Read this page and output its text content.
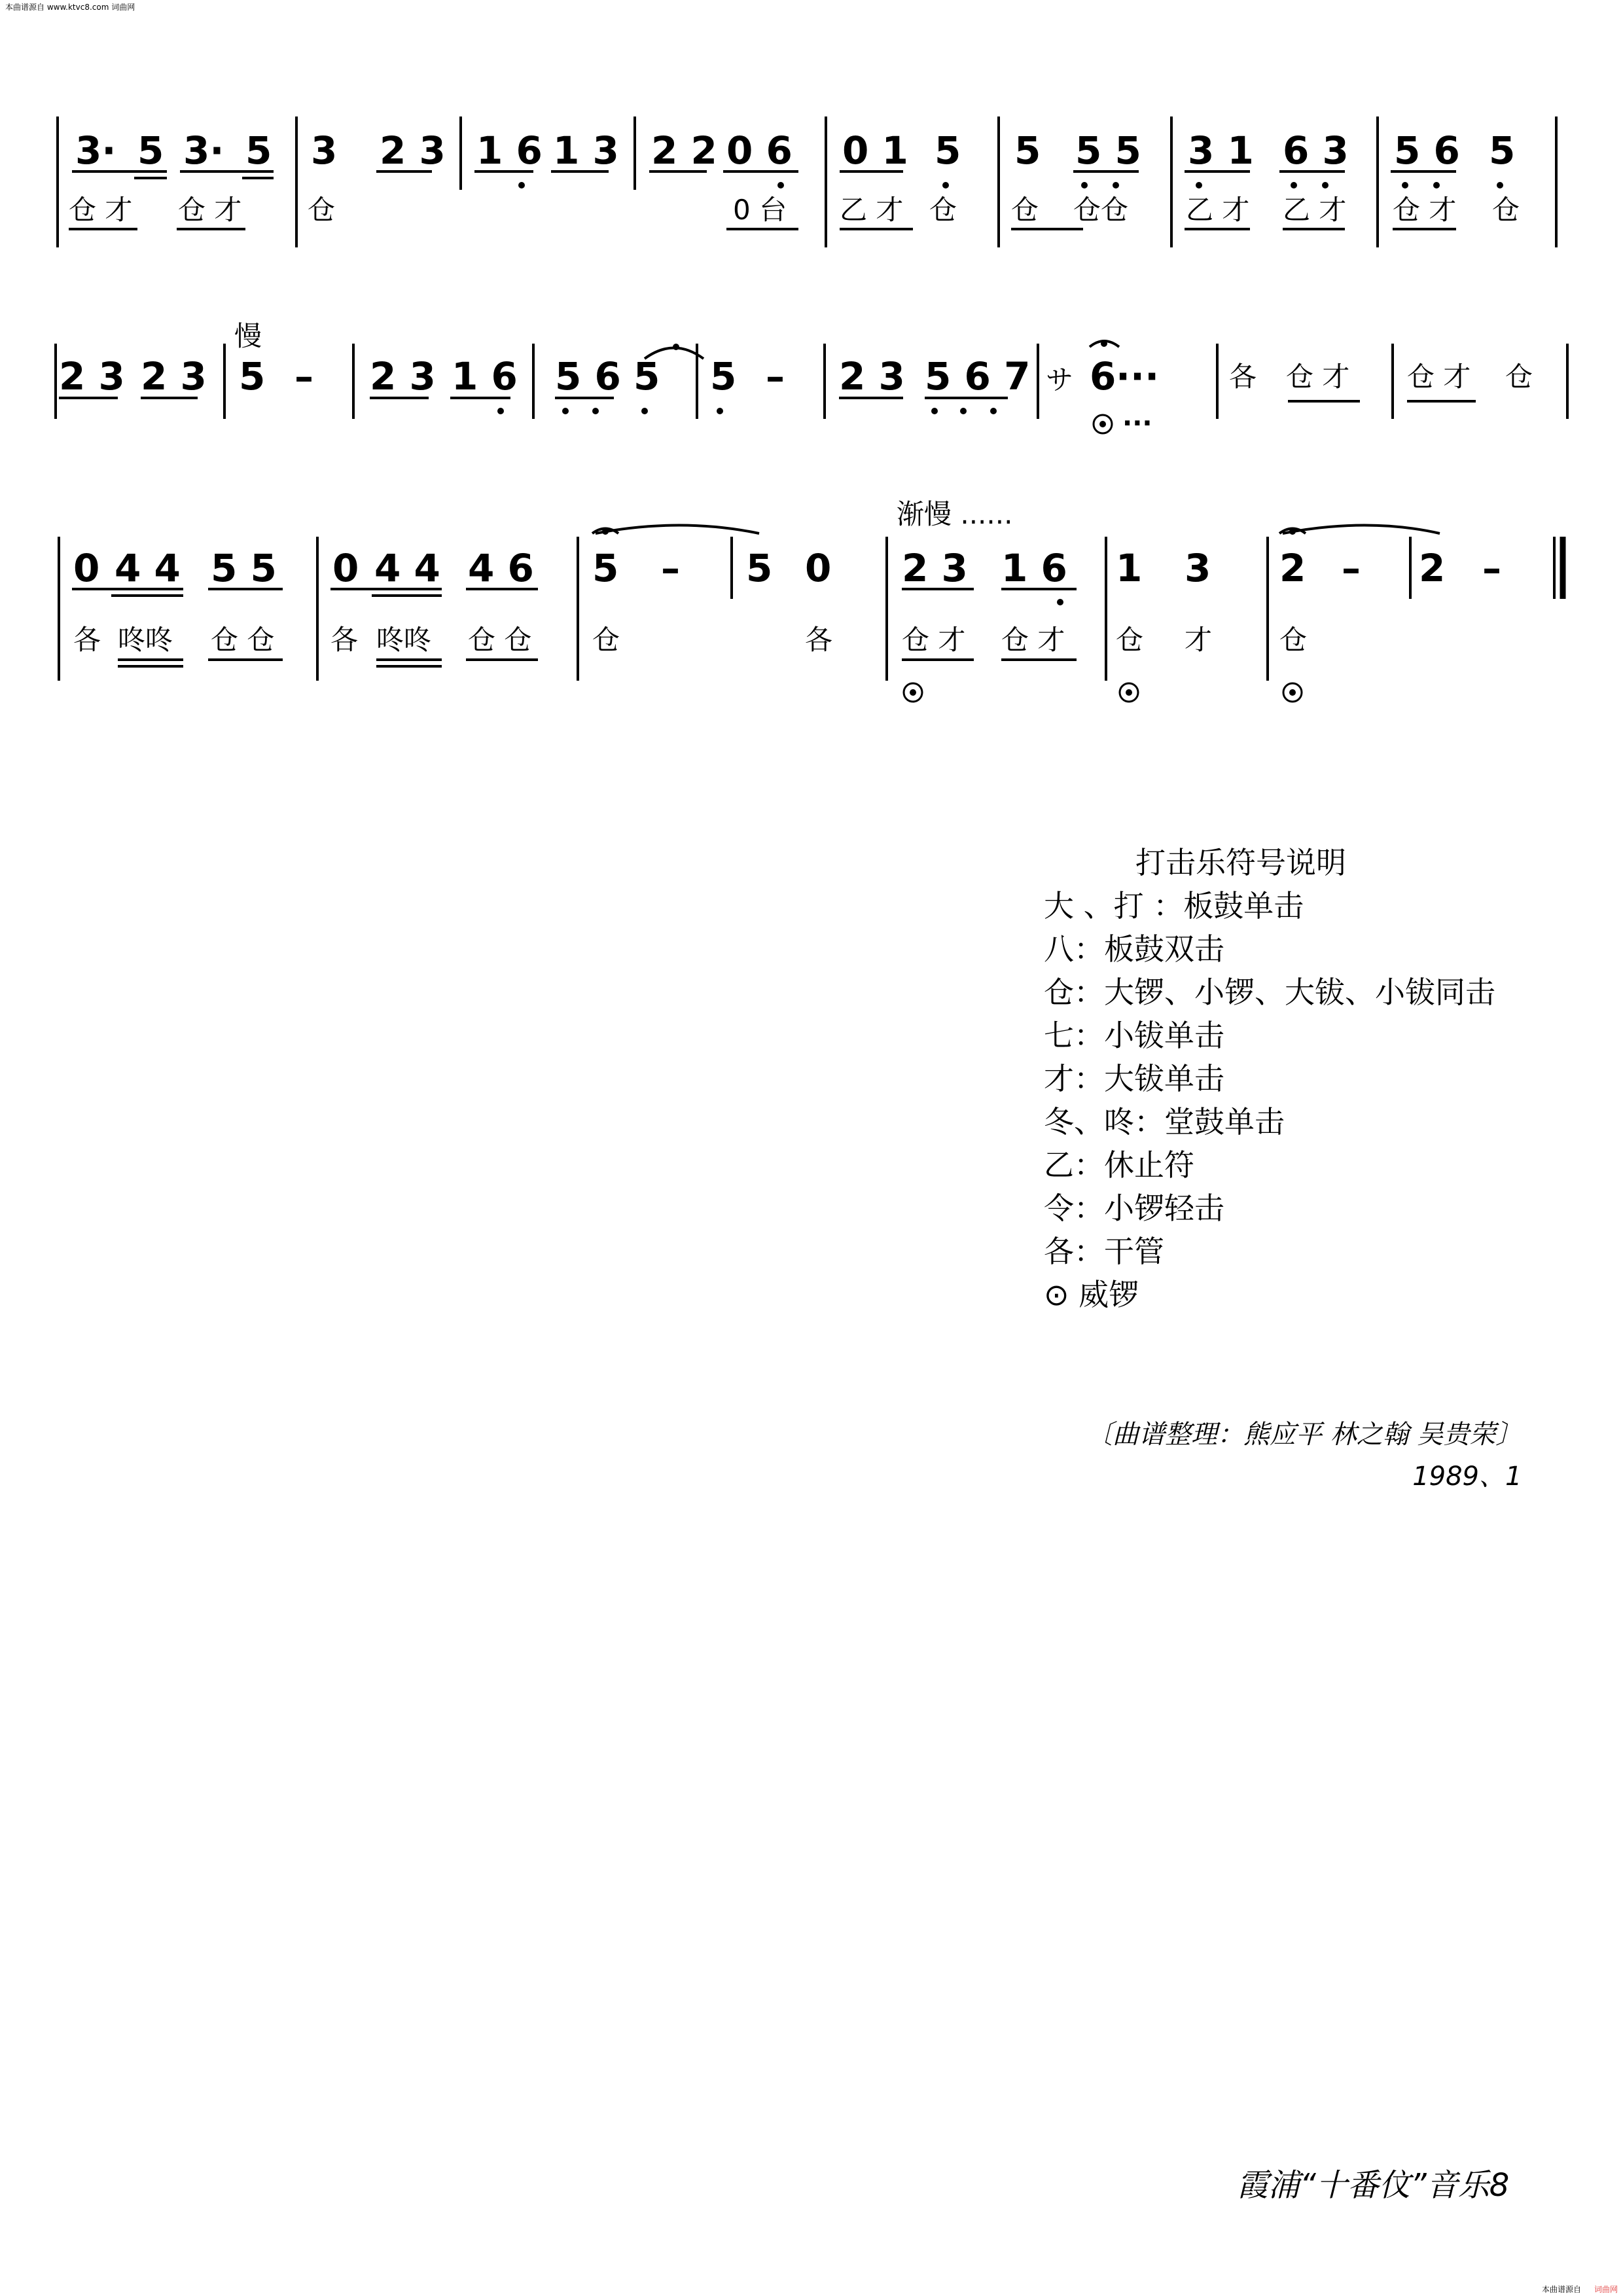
本曲谱源自 www.ktvc8.com 词曲网
3· 5 3· 5 3 2 3 1 6 1 3 2 2 0 6 0 1 5 5 5 5 3 1 6 3 5 6 5
仓 才 仓 才 仓	0 台 乙 才 仓 仓 仓仓 乙 才 乙 才 仓 才 仓
慢
サ
2 3 2 3 5 – 2 3 1 6 5 6 5 5 – 2 3 5 6 7 6 ···	各 仓 才 仓 才 仓
···
渐慢 ......
0 4 4 5 5 0 4 4 4 6 5 – 5 0 2 3 1 6 1 3 2 – 2 –
各 咚咚 仓 仓 各 咚咚 仓 仓 仓	各	仓 才 仓 才 仓 才 仓
打击乐符号说明
大 、打 ：板鼓单击
八：板鼓双击
仓：大锣、小锣、大钹、小钹同击
七：小钹单击
才：大钹单击
冬、咚：堂鼓单击
乙：休止符
令：小锣轻击
各：干管
⊙ 威锣
〔曲谱整理：熊应平 林之翰 吴贵荣〕
1989、1
霞浦“十番伩”音乐8
本曲谱源自 词曲网
